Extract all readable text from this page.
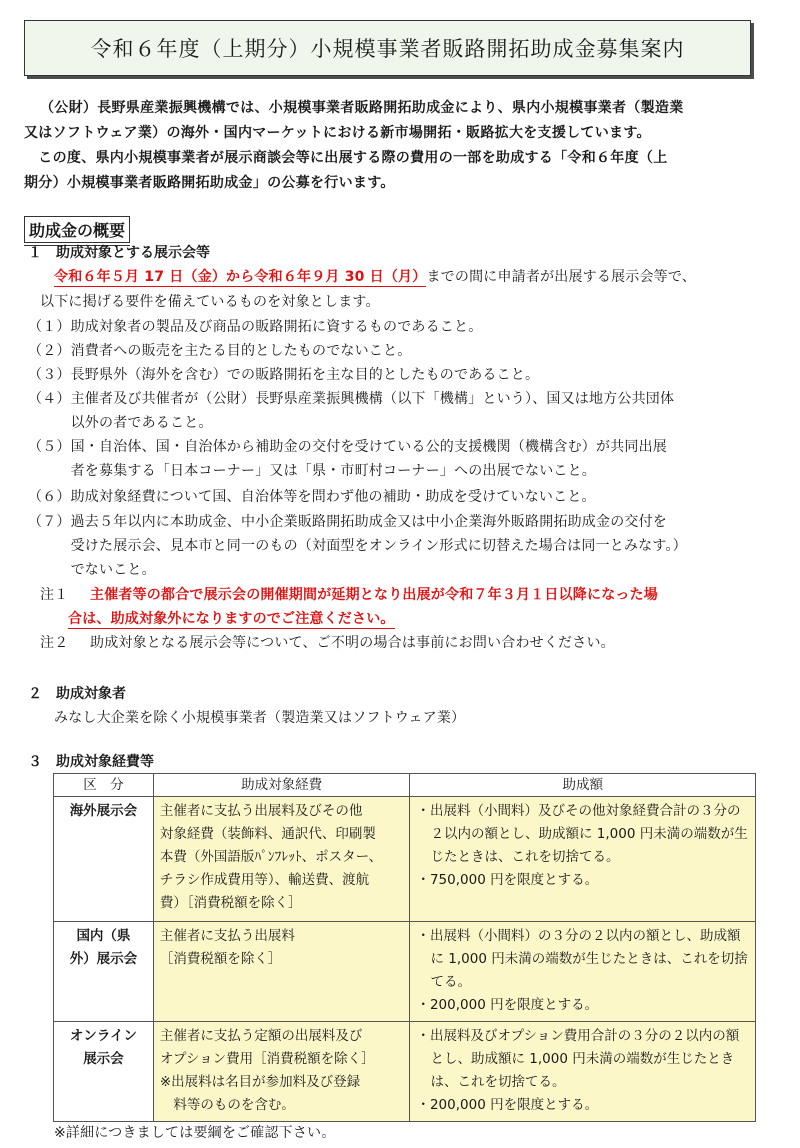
令和６年度（上期分）小規模事業者販路開拓助成金募集案内
（公財）長野県産業振興機構では、小規模事業者販路開拓助成金により、県内小規模事業者（製造業
又はソフトウェア業）の海外・国内マーケットにおける新市場開拓・販路拡大を支援しています。
　この度、県内小規模事業者が展示商談会等に出展する際の費用の一部を助成する「令和６年度（上
期分）小規模事業者販路開拓助成金」の公募を行います。
助成金の概要
１　助成対象とする展示会等
令和６年５月 17 日（金）から令和６年９月 30 日（月）までの間に申請者が出展する展示会等で、
以下に掲げる要件を備えているものを対象とします。
（１）助成対象者の製品及び商品の販路開拓に資するものであること。
（２）消費者への販売を主たる目的としたものでないこと。
（３）長野県外（海外を含む）での販路開拓を主な目的としたものであること。
（４）主催者及び共催者が（公財）長野県産業振興機構（以下「機構」という）、国又は地方公共団体
　　　以外の者であること。
（５）国・自治体、国・自治体から補助金の交付を受けている公的支援機関（機構含む）が共同出展
　　　者を募集する「日本コーナー」又は「県・市町村コーナー」への出展でないこと。
（６）助成対象経費について国、自治体等を問わず他の補助・助成を受けていないこと。
（７）過去５年以内に本助成金、中小企業販路開拓助成金又は中小企業海外販路開拓助成金の交付を
　　　受けた展示会、見本市と同一のもの（対面型をオンライン形式に切替えた場合は同一とみなす。）
　　　でないこと。
注１ 主催者等の都合で展示会の開催期間が延期となり出展が令和７年３月１日以降になった場
合は、助成対象外になりますのでご注意ください。
注２ 助成対象となる展示会等について、ご不明の場合は事前にお問い合わせください。
２　助成対象者
みなし大企業を除く小規模事業者（製造業又はソフトウェア業）
３　助成対象経費等
区　分	助成対象経費	助成額
海外展示会	主催者に支払う出展料及びその他
対象経費（装飾料、通訳代、印刷製
本費（外国語版ﾊﾟﾝﾌﾚｯﾄ、ポスター、
チラシ作成費用等）、輸送費、渡航
費）［消費税額を除く］	・出展料（小間料）及びその他対象経費合計の３分の２以内の額とし、助成額に 1,000 円未満の端数が生じたときは、これを切捨てる。
・750,000 円を限度とする。

国内（県
外）展示会	主催者に支払う出展料
［消費税額を除く］	・出展料（小間料）の３分の２以内の額とし、助成額に 1,000 円未満の端数が生じたときは、これを切捨てる。
・200,000 円を限度とする。

オンライン
展示会	主催者に支払う定額の出展料及び
オプション費用［消費税額を除く］
※出展料は名目が参加料及び登録
　料等のものを含む。	・出展料及びオプション費用合計の３分の２以内の額とし、助成額に 1,000 円未満の端数が生じたときは、これを切捨てる。
・200,000 円を限度とする。
※詳細につきましては要綱をご確認下さい。
